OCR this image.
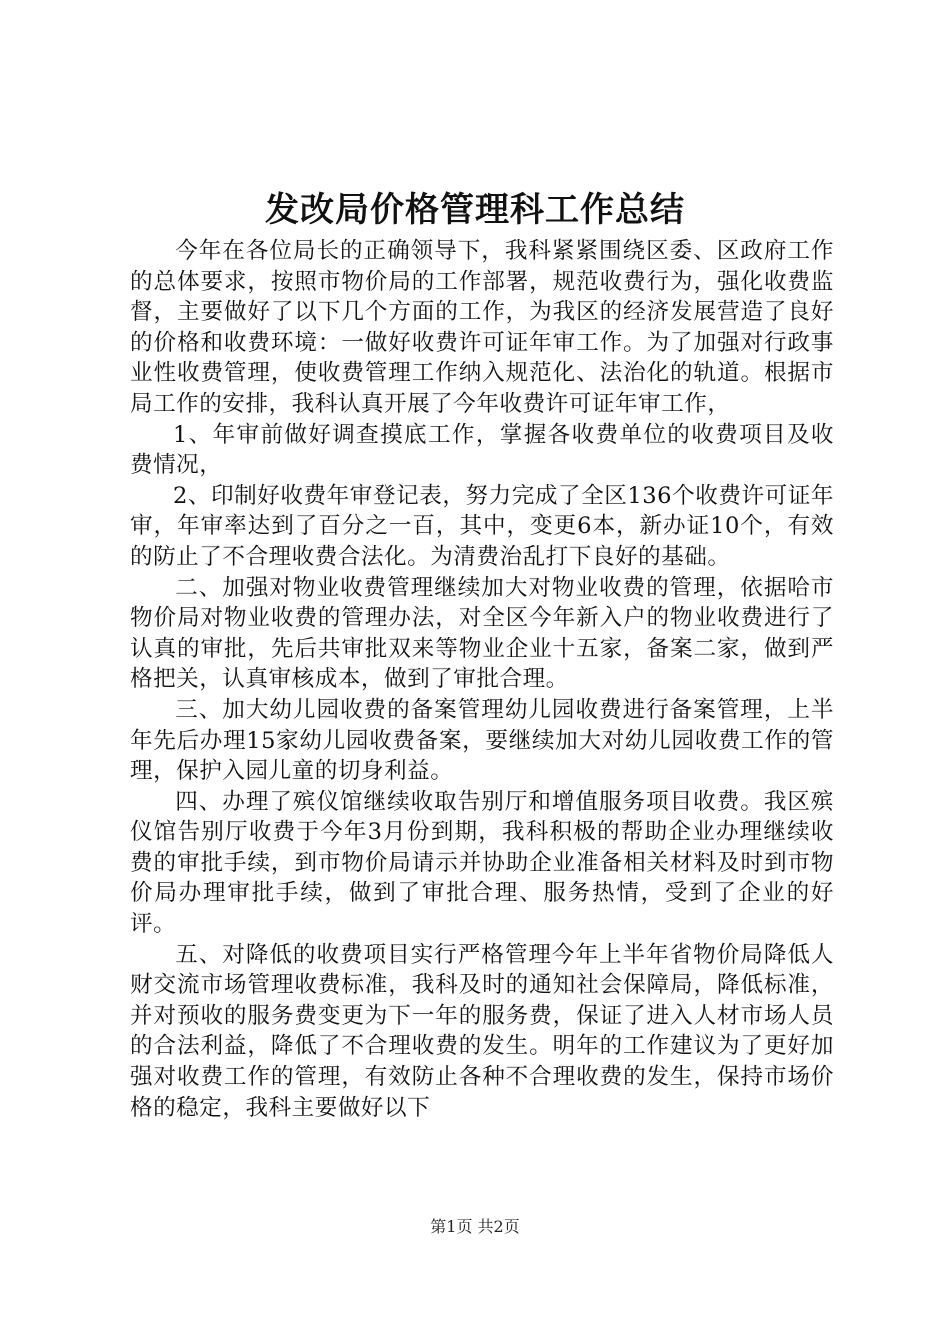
发改局价格管理科工作总结

今年在各位局长的正确领导下，我科紧紧围绕区委、区政府工作的总体要求，按照市物价局的工作部署，规范收费行为，强化收费监督，主要做好了以下几个方面的工作，为我区的经济发展营造了良好的价格和收费环境：一做好收费许可证年审工作。为了加强对行政事业性收费管理，使收费管理工作纳入规范化、法治化的轨道。根据市局工作的安排，我科认真开展了今年收费许可证年审工作，

1、年审前做好调查摸底工作，掌握各收费单位的收费项目及收费情况，

2、印制好收费年审登记表，努力完成了全区136个收费许可证年审，年审率达到了百分之一百，其中，变更6本，新办证10个，有效的防止了不合理收费合法化。为清费治乱打下良好的基础。

二、加强对物业收费管理继续加大对物业收费的管理，依据哈市物价局对物业收费的管理办法，对全区今年新入户的物业收费进行了认真的审批，先后共审批双来等物业企业十五家，备案二家，做到严格把关，认真审核成本，做到了审批合理。

三、加大幼儿园收费的备案管理幼儿园收费进行备案管理，上半年先后办理15家幼儿园收费备案，要继续加大对幼儿园收费工作的管理，保护入园儿童的切身利益。

四、办理了殡仪馆继续收取告别厅和增值服务项目收费。我区殡仪馆告别厅收费于今年3月份到期，我科积极的帮助企业办理继续收费的审批手续，到市物价局请示并协助企业准备相关材料及时到市物价局办理审批手续，做到了审批合理、服务热情，受到了企业的好评。

五、对降低的收费项目实行严格管理今年上半年省物价局降低人财交流市场管理收费标准，我科及时的通知社会保障局，降低标准，并对预收的服务费变更为下一年的服务费，保证了进入人材市场人员的合法利益，降低了不合理收费的发生。明年的工作建议为了更好加强对收费工作的管理，有效防止各种不合理收费的发生，保持市场价格的稳定，我科主要做好以下

第1页 共2页
